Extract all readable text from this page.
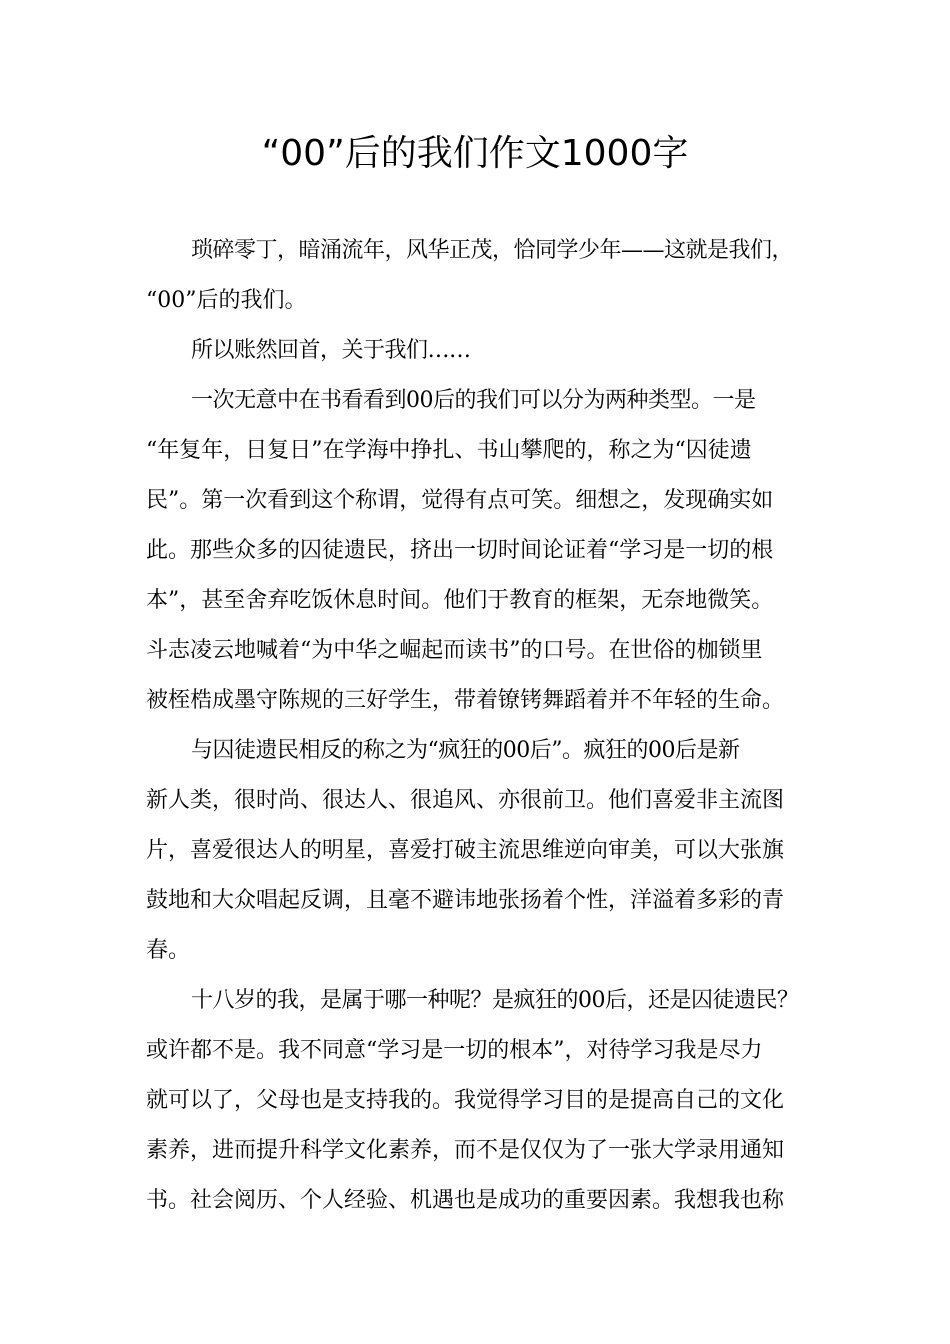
“00”后的我们作文1000字
琐碎零丁，暗涌流年，风华正茂，恰同学少年——这就是我们，
“00”后的我们。
所以账然回首，关于我们……
一次无意中在书看看到00后的我们可以分为两种类型。一是
“年复年，日复日”在学海中挣扎、书山攀爬的，称之为“囚徒遗
民”。第一次看到这个称谓，觉得有点可笑。细想之，发现确实如
此。那些众多的囚徒遗民，挤出一切时间论证着“学习是一切的根
本”，甚至舍弃吃饭休息时间。他们于教育的框架，无奈地微笑。
斗志凌云地喊着“为中华之崛起而读书”的口号。在世俗的枷锁里
被桎梏成墨守陈规的三好学生，带着镣铐舞蹈着并不年轻的生命。
与囚徒遗民相反的称之为“疯狂的00后”。疯狂的00后是新
新人类，很时尚、很达人、很追风、亦很前卫。他们喜爱非主流图
片，喜爱很达人的明星，喜爱打破主流思维逆向审美，可以大张旗
鼓地和大众唱起反调，且毫不避讳地张扬着个性，洋溢着多彩的青
春。
十八岁的我，是属于哪一种呢？是疯狂的00后，还是囚徒遗民？
或许都不是。我不同意“学习是一切的根本”，对待学习我是尽力
就可以了，父母也是支持我的。我觉得学习目的是提高自己的文化
素养，进而提升科学文化素养，而不是仅仅为了一张大学录用通知
书。社会阅历、个人经验、机遇也是成功的重要因素。我想我也称
